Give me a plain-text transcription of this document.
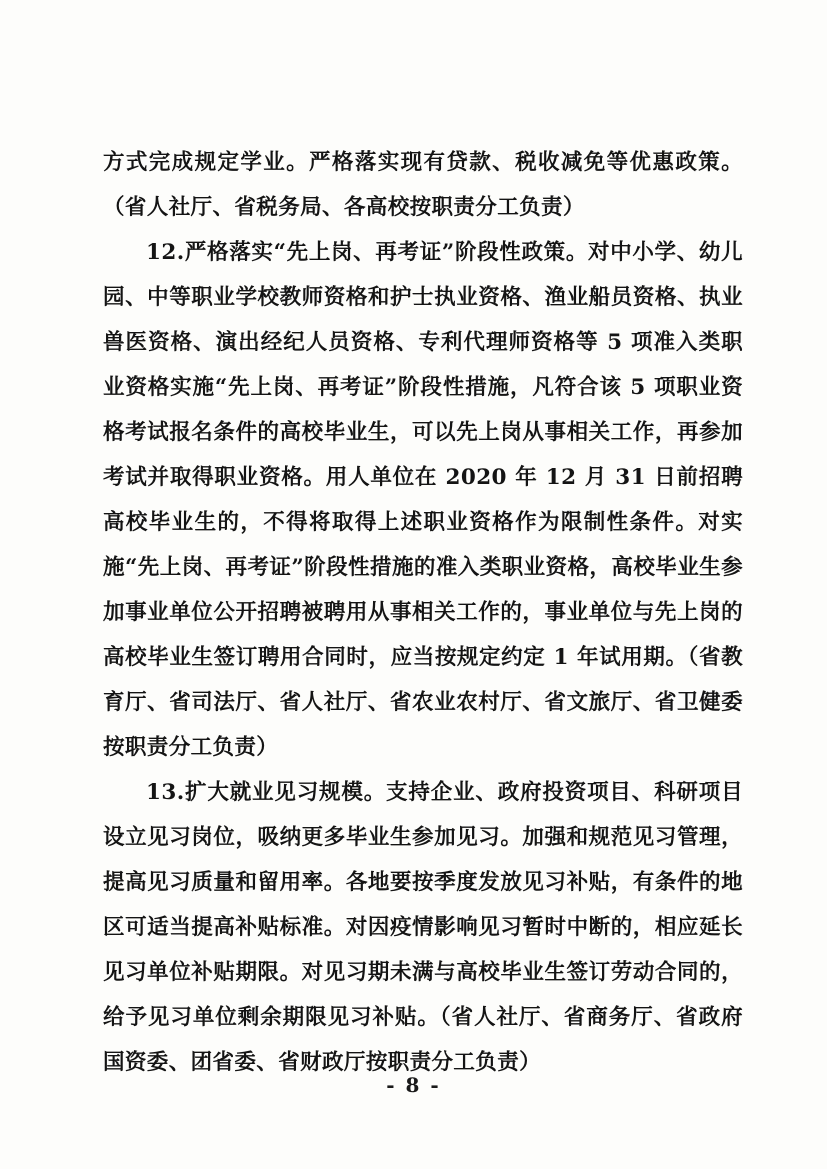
方式完成规定学业。严格落实现有贷款、税收减免等优惠政策。（省人社厅、省税务局、各高校按职责分工负责）

12.严格落实“先上岗、再考证”阶段性政策。对中小学、幼儿园、中等职业学校教师资格和护士执业资格、渔业船员资格、执业兽医资格、演出经纪人员资格、专利代理师资格等 5 项准入类职业资格实施“先上岗、再考证”阶段性措施，凡符合该 5 项职业资格考试报名条件的高校毕业生，可以先上岗从事相关工作，再参加考试并取得职业资格。用人单位在 2020 年 12 月 31 日前招聘高校毕业生的，不得将取得上述职业资格作为限制性条件。对实施“先上岗、再考证”阶段性措施的准入类职业资格，高校毕业生参加事业单位公开招聘被聘用从事相关工作的，事业单位与先上岗的高校毕业生签订聘用合同时，应当按规定约定 1 年试用期。（省教育厅、省司法厅、省人社厅、省农业农村厅、省文旅厅、省卫健委按职责分工负责）

13.扩大就业见习规模。支持企业、政府投资项目、科研项目设立见习岗位，吸纳更多毕业生参加见习。加强和规范见习管理，提高见习质量和留用率。各地要按季度发放见习补贴，有条件的地区可适当提高补贴标准。对因疫情影响见习暂时中断的，相应延长见习单位补贴期限。对见习期未满与高校毕业生签订劳动合同的，给予见习单位剩余期限见习补贴。（省人社厅、省商务厅、省政府国资委、团省委、省财政厅按职责分工负责）

- 8 -
